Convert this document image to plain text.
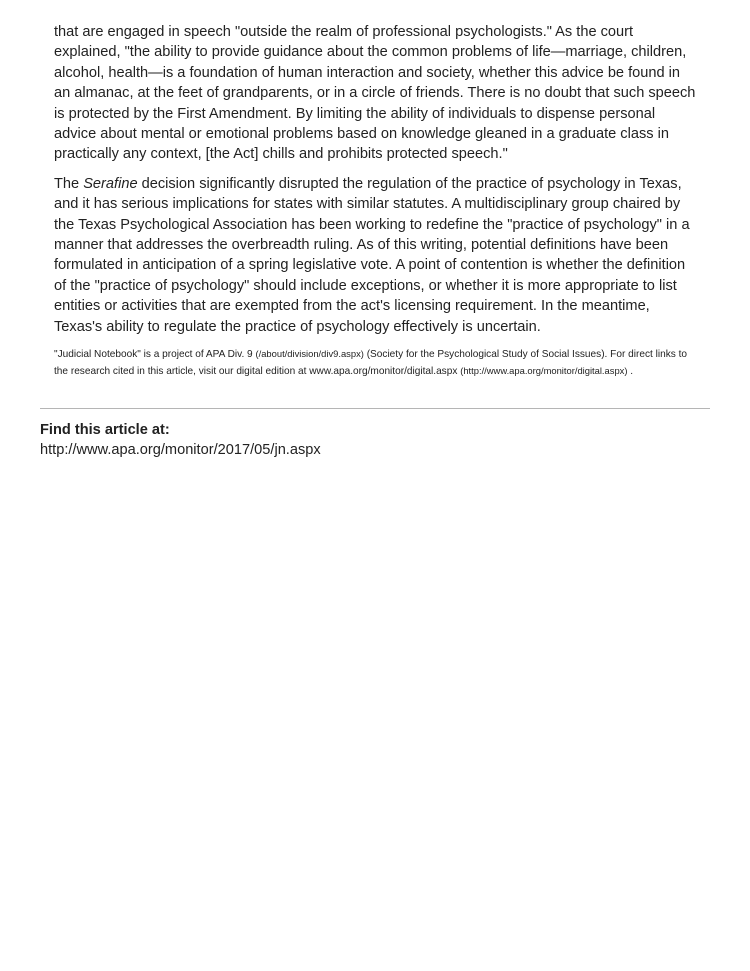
that are engaged in speech "outside the realm of professional psychologists." As the court explained, "the ability to provide guidance about the common problems of life—marriage, children, alcohol, health—is a foundation of human interaction and society, whether this advice be found in an almanac, at the feet of grandparents, or in a circle of friends. There is no doubt that such speech is protected by the First Amendment. By limiting the ability of individuals to dispense personal advice about mental or emotional problems based on knowledge gleaned in a graduate class in practically any context, [the Act] chills and prohibits protected speech."

The Serafine decision significantly disrupted the regulation of the practice of psychology in Texas, and it has serious implications for states with similar statutes. A multidisciplinary group chaired by the Texas Psychological Association has been working to redefine the "practice of psychology" in a manner that addresses the overbreadth ruling. As of this writing, potential definitions have been formulated in anticipation of a spring legislative vote. A point of contention is whether the definition of the "practice of psychology" should include exceptions, or whether it is more appropriate to list entities or activities that are exempted from the act's licensing requirement. In the meantime, Texas's ability to regulate the practice of psychology effectively is uncertain.

"Judicial Notebook" is a project of APA Div. 9 (/about/division/div9.aspx) (Society for the Psychological Study of Social Issues). For direct links to the research cited in this article, visit our digital edition at www.apa.org/monitor/digital.aspx (http://www.apa.org/monitor/digital.aspx) .

Find this article at:

http://www.apa.org/monitor/2017/05/jn.aspx
